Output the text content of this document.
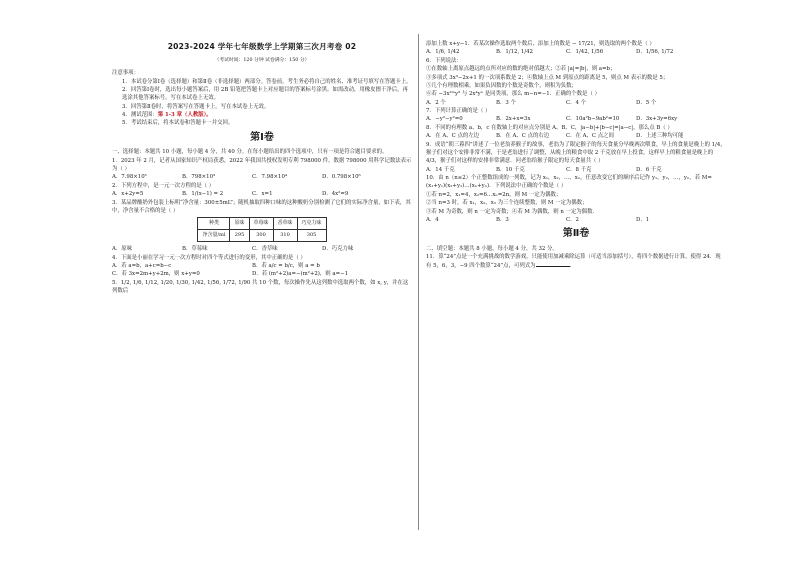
2023-2024 学年七年级数学上学期第三次月考卷 02
（考试时间：120 分钟 试卷满分：150 分）

注意事项：

1．本试卷分第Ⅰ卷（选择题）和第Ⅱ卷（非选择题）两部分。答卷前，考生务必将自己的姓名、准考证号填写在答题卡上。

2．回答第Ⅰ卷时，选出每小题答案后，用 2B 铅笔把答题卡上对应题目的答案标号涂黑。如需改动，用橡皮擦干净后，再选涂其他答案标号。写在本试卷上无效。

3．回答第Ⅱ卷时，将答案写在答题卡上。写在本试卷上无效。

4．测试范围：第 1-3 章（人教版）。

5．考试结束后，将本试卷和答题卡一并交回。

第Ⅰ卷

一、选择题：本题共 10 小题，每小题 4 分，共 40 分。在每小题给出的四个选项中，只有一项是符合题目要求的。

1．2023 年 2 月，记者从国家知识产权局获悉，2022 年我国共授权发明专利 798000 件，数据 798000 用科学记数法表示为（ ）

A．7.98×10⁵	B．798×10³	C．7.98×10⁴	D．0.798×10⁶

2．下列方程中，是一元一次方程的是（ ）

A．x+2y=5	B．1/(x−1) = 2	C．x=1	D．4x²=9

3．某品牌酸奶外包装上标明“净含量：300±5mL”；随机抽取四种口味的这种酸奶分别检测了它们的实际净含量，如下表，其中，净含量不合格的是（ ）

种类	原味	草莓味	香草味	巧克力味
净含量/ml	295	300	310	305
A．原味	B．草莓味	C．香草味	D．巧克力味

4．下面是小丽在学习一元一次方程时对四个等式进行的变形，其中正确的是（ ）

A．若 a=b，a+c=b−c	B．若 a/c = b/c，则 a = b
C．若 3x=2m+y+2m，则 x+y=0	D．若 (m²+2)a=−(m²+2)，则 a=−1

5．1/2, 1/6, 1/12, 1/20, 1/30, 1/42, 1/56, 1/72, 1/90 共 10 个数，每次操作先从这列数中选取两个数，如 x, y，并在这列数后

添加上数 x+y−1．若某次操作选取两个数后，添加上的数是 − 17/21，则选取的两个数是（ ）

A．1/6, 1/42	B．1/12, 1/42	C．1/42, 1/56	D．1/56, 1/72

6．下列说法：

①在数轴上离原点越远的点所对应的数的绝对值越大；②若 |a|=|b|，则 a=b；

③多项式 3x³−2x+1 的一次项系数是 2；④数轴上点 M 到原点的距离是 5，则点 M 表示的数是 5；

⑤几个有理数相乘，如果负因数的个数是奇数个，则积为负数；

⑥若 −3x²ᵐy³ 与 2x⁴yⁿ 是同类项，那么 m−n=−1．正确的个数是（ ）

A．2 个	B．3 个	C．4 个	D．5 个

7．下列计算正确的是（ ）

A．−y²−y²=0	B．2x+x=3x	C．10a²b−9ab²=10	D．3x+3y=6xy

8．不同的有理数 a、b，c 在数轴上的对应点分别是 A、B、C，|a−b|+|b−c|=|a−c|，那么点 B（ ）

A．在 A、C 点的左边	B．在 A、C 点的右边	C．在 A、C 点之间	D．上述三种均可能

9．成语“朝三暮四”讲述了一位老翁养猴子的故事，老翁为了限定猴子的每天食量分早晚两次喂食，早上的食量是晚上的 1/4，猴子们对这个安排非常不满，于是老翁进行了调整，从晚上的粮食中取 2 千克放在早上投食，这样早上的粮食量是晚上的 4/3，猴子们对这样的安排非常满意．问老翁给猴子限定的每天食量共（ ）

A．14 千克	B．10 千克	C．8 千克	D．6 千克

10．由 n（n≥2）个正整数组成的一列数，记为 x₁，x₂，…，xₙ，任意改变它们的顺序后记作 y₁，y₂，…，yₙ，若 M=(x₁+y₁)(x₂+y₂)…(xₙ+yₙ)．下列说法中正确的个数是（ ）

①若 n=2，x₁=4，x₂=6…xₙ=2n，则 M 一定为偶数；

②当 n=3 时，若 x₁，x₂，x₃ 为三个连续整数，则 M 一定为偶数；

③若 M 为奇数，则 n 一定为奇数；④若 M 为偶数，则 n 一定为偶数．

A．4	B．3	C．2	D．1
第Ⅱ卷

二、填空题：本题共 8 小题，每小题 4 分，共 32 分。

11．算“24”点是一个充满挑战的数学游戏，只能使用加减乘除运算（可适当添加括号），将四个数据进行计算，使得 24．现有 5，6，3，−9 四个数算“24”点，可列式为	．
